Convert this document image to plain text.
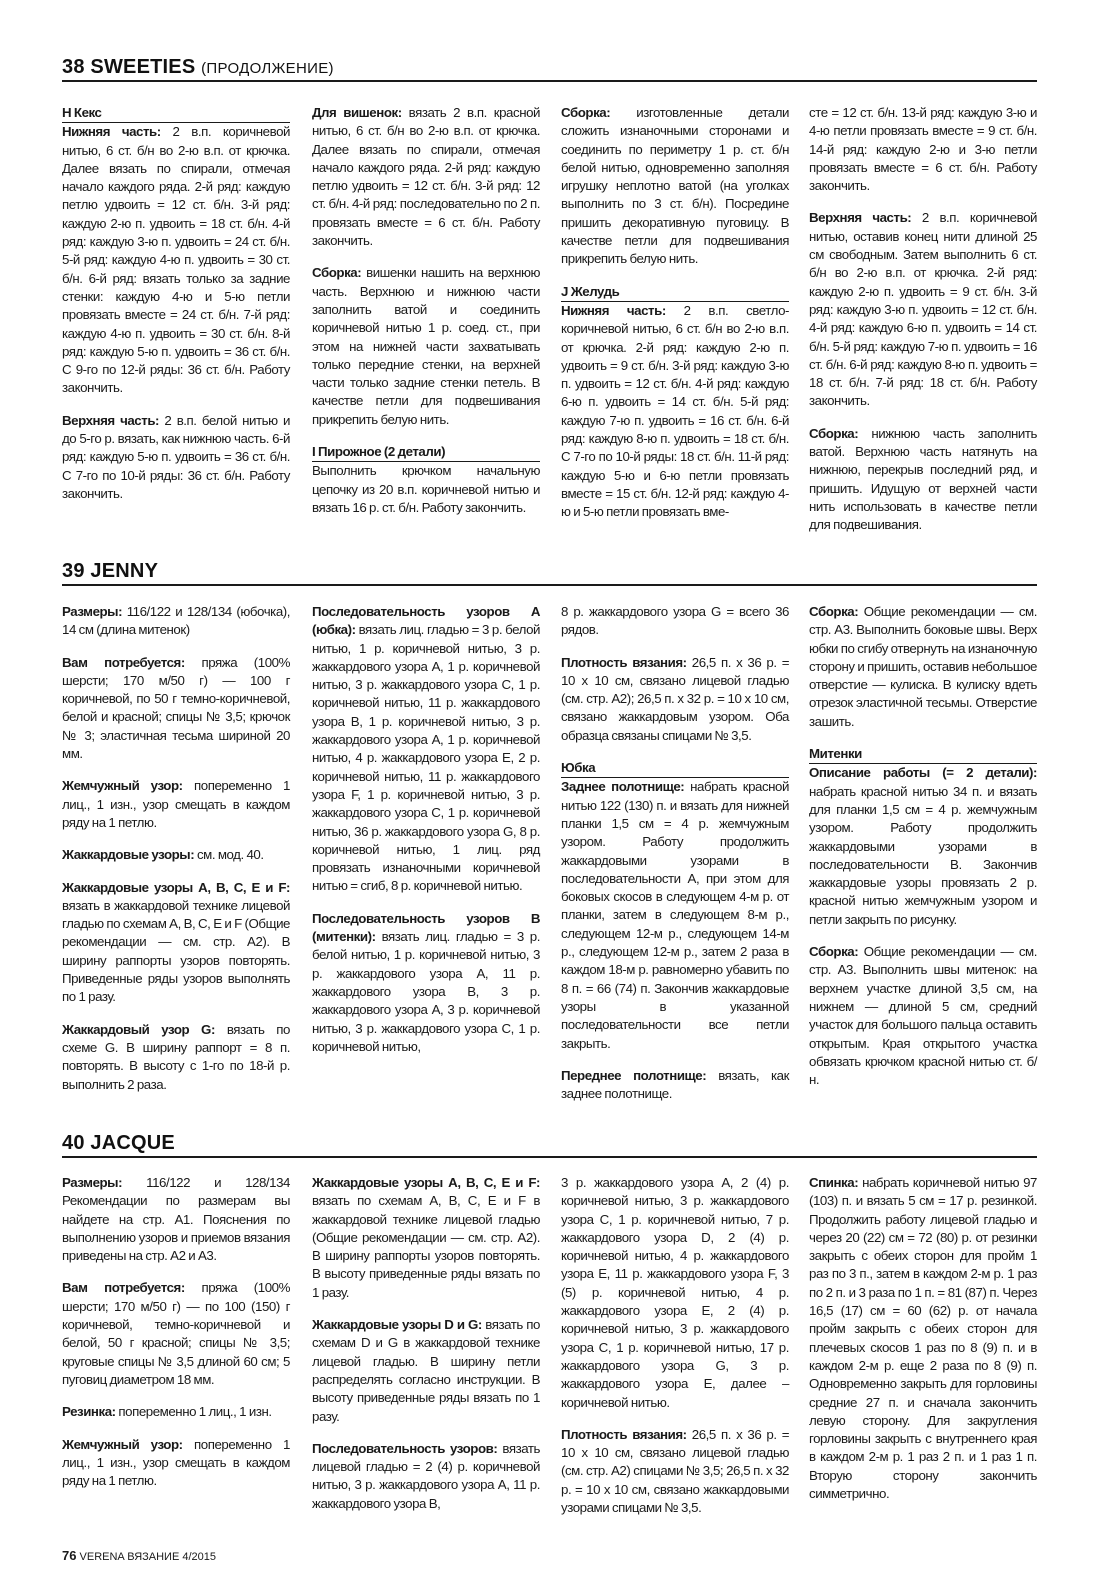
38 SWEETIES (ПРОДОЛЖЕНИЕ)
H Кекс

Нижняя часть: 2 в.п. коричневой нитью, 6 ст. б/н во 2-ю в.п. от крючка. Далее вязать по спирали, отмечая начало каждого ряда. 2-й ряд: каждую петлю удвоить = 12 ст. б/н. 3-й ряд: каждую 2-ю п. удвоить = 18 ст. б/н. 4-й ряд: каждую 3-ю п. удвоить = 24 ст. б/н. 5-й ряд: каждую 4-ю п. удвоить = 30 ст. б/н. 6-й ряд: вязать только за задние стенки: каждую 4-ю и 5-ю петли провязать вместе = 24 ст. б/н. 7-й ряд: каждую 4-ю п. удвоить = 30 ст. б/н. 8-й ряд: каждую 5-ю п. удвоить = 36 ст. б/н. С 9-го по 12-й ряды: 36 ст. б/н. Работу закончить.

Верхняя часть: 2 в.п. белой нитью и до 5-го р. вязать, как нижнюю часть. 6-й ряд: каждую 5-ю п. удвоить = 36 ст. б/н. С 7-го по 10-й ряды: 36 ст. б/н. Работу закончить.

Для вишенок: вязать 2 в.п. красной нитью, 6 ст. б/н во 2-ю в.п. от крючка. Далее вязать по спирали, отмечая начало каждого ряда. 2-й ряд: каждую петлю удвоить = 12 ст. б/н. 3-й ряд: 12 ст. б/н. 4-й ряд: последовательно по 2 п. провязать вместе = 6 ст. б/н. Работу закончить.

Сборка: вишенки нашить на верхнюю часть. Верхнюю и нижнюю части заполнить ватой и соединить коричневой нитью 1 р. соед. ст., при этом на нижней части захватывать только передние стенки, на верхней части только задние стенки петель. В качестве петли для подвешивания прикрепить белую нить.

I Пирожное (2 детали)

Выполнить крючком начальную цепочку из 20 в.п. коричневой нитью и вязать 16 р. ст. б/н. Работу закончить.

Сборка: изготовленные детали сложить изнаночными сторонами и соединить по периметру 1 р. ст. б/н белой нитью, одновременно заполняя игрушку неплотно ватой (на уголках выполнить по 3 ст. б/н). Посредине пришить декоративную пуговицу. В качестве петли для подвешивания прикрепить белую нить.

J Желудь

Нижняя часть: 2 в.п. светло-коричневой нитью, 6 ст. б/н во 2-ю в.п. от крючка. 2-й ряд: каждую 2-ю п. удвоить = 9 ст. б/н. 3-й ряд: каждую 3-ю п. удвоить = 12 ст. б/н. 4-й ряд: каждую 6-ю п. удвоить = 14 ст. б/н. 5-й ряд: каждую 7-ю п. удвоить = 16 ст. б/н. 6-й ряд: каждую 8-ю п. удвоить = 18 ст. б/н. С 7-го по 10-й ряды: 18 ст. б/н. 11-й ряд: каждую 5-ю и 6-ю петли провязать вместе = 15 ст. б/н. 12-й ряд: каждую 4-ю и 5-ю петли провязать вме-

сте = 12 ст. б/н. 13-й ряд: каждую 3-ю и 4-ю петли провязать вместе = 9 ст. б/н. 14-й ряд: каждую 2-ю и 3-ю петли провязать вместе = 6 ст. б/н. Работу закончить.

Верхняя часть: 2 в.п. коричневой нитью, оставив конец нити длиной 25 см свободным. Затем выполнить 6 ст. б/н во 2-ю в.п. от крючка. 2-й ряд: каждую 2-ю п. удвоить = 9 ст. б/н. 3-й ряд: каждую 3-ю п. удвоить = 12 ст. б/н. 4-й ряд: каждую 6-ю п. удвоить = 14 ст. б/н. 5-й ряд: каждую 7-ю п. удвоить = 16 ст. б/н. 6-й ряд: каждую 8-ю п. удвоить = 18 ст. б/н. 7-й ряд: 18 ст. б/н. Работу закончить.

Сборка: нижнюю часть заполнить ватой. Верхнюю часть натянуть на нижнюю, перекрыв последний ряд, и пришить. Идущую от верхней части нить использовать в качестве петли для подвешивания.

39 JENNY

Размеры: 116/122 и 128/134 (юбочка), 14 см (длина митенок)

Вам потребуется: пряжа (100% шерсти; 170 м/50 г) — 100 г коричневой, по 50 г темно-коричневой, белой и красной; спицы № 3,5; крючок № 3; эластичная тесьма шириной 20 мм.

Жемчужный узор: попеременно 1 лиц., 1 изн., узор смещать в каждом ряду на 1 петлю.

Жаккардовые узоры: см. мод. 40.

Жаккардовые узоры A, B, C, E и F: вязать в жаккардовой технике лицевой гладью по схемам A, B, C, E и F (Общие рекомендации — см. стр. A2). В ширину раппорты узоров повторять. Приведенные ряды узоров выполнять по 1 разу.

Жаккардовый узор G: вязать по схеме G. В ширину раппорт = 8 п. повторять. В высоту с 1-го по 18-й р. выполнить 2 раза.

Последовательность узоров A (юбка): вязать лиц. гладью = 3 р. белой нитью, 1 р. коричневой нитью, 3 р. жаккардового узора A, 1 р. коричневой нитью, 3 р. жаккардового узора C, 1 р. коричневой нитью, 11 р. жаккардового узора B, 1 р. коричневой нитью, 3 р. жаккардового узора A, 1 р. коричневой нитью, 4 р. жаккардового узора E, 2 р. коричневой нитью, 11 р. жаккардового узора F, 1 р. коричневой нитью, 3 р. жаккардового узора C, 1 р. коричневой нитью, 36 р. жаккардового узора G, 8 р. коричневой нитью, 1 лиц. ряд провязать изнаночными коричневой нитью = сгиб, 8 р. коричневой нитью.

Последовательность узоров B (митенки): вязать лиц. гладью = 3 р. белой нитью, 1 р. коричневой нитью, 3 р. жаккардового узора A, 11 р. жаккардового узора B, 3 р. жаккардового узора A, 3 р. коричневой нитью, 3 р. жаккардового узора C, 1 р. коричневой нитью,

8 р. жаккардового узора G = всего 36 рядов.

Плотность вязания: 26,5 п. x 36 р. = 10 x 10 см, связано лицевой гладью (см. стр. A2); 26,5 п. x 32 р. = 10 x 10 см, связано жаккардовым узором. Оба образца связаны спицами № 3,5.

Юбка

Заднее полотнище: набрать красной нитью 122 (130) п. и вязать для нижней планки 1,5 см = 4 р. жемчужным узором. Работу продолжить жаккардовыми узорами в последовательности A, при этом для боковых скосов в следующем 4-м р. от планки, затем в следующем 8-м р., следующем 12-м р., следующем 14-м р., следующем 12-м р., затем 2 раза в каждом 18-м р. равномерно убавить по 8 п. = 66 (74) п. Закончив жаккардовые узоры в указанной последовательности все петли закрыть.

Переднее полотнище: вязать, как заднее полотнище.

Сборка: Общие рекомендации — см. стр. A3. Выполнить боковые швы. Верх юбки по сгибу отвернуть на изнаночную сторону и пришить, оставив небольшое отверстие — кулиска. В кулиску вдеть отрезок эластичной тесьмы. Отверстие зашить.

Митенки

Описание работы (= 2 детали): набрать красной нитью 34 п. и вязать для планки 1,5 см = 4 р. жемчужным узором. Работу продолжить жаккардовыми узорами в последовательности B. Закончив жаккардовые узоры провязать 2 р. красной нитью жемчужным узором и петли закрыть по рисунку.

Сборка: Общие рекомендации — см. стр. A3. Выполнить швы митенок: на верхнем участке длиной 3,5 см, на нижнем — длиной 5 см, средний участок для большого пальца оставить открытым. Края открытого участка обвязать крючком красной нитью ст. б/н.

40 JACQUE

Размеры: 116/122 и 128/134 Рекомендации по размерам вы найдете на стр. A1. Пояснения по выполнению узоров и приемов вязания приведены на стр. A2 и A3.

Вам потребуется: пряжа (100% шерсти; 170 м/50 г) — по 100 (150) г коричневой, темно-коричневой и белой, 50 г красной; спицы № 3,5; круговые спицы № 3,5 длиной 60 см; 5 пуговиц диаметром 18 мм.

Резинка: попеременно 1 лиц., 1 изн.

Жемчужный узор: попеременно 1 лиц., 1 изн., узор смещать в каждом ряду на 1 петлю.

Жаккардовые узоры A, B, C, E и F: вязать по схемам A, B, C, E и F в жаккардовой технике лицевой гладью (Общие рекомендации — см. стр. A2). В ширину раппорты узоров повторять. В высоту приведенные ряды вязать по 1 разу.

Жаккардовые узоры D и G: вязать по схемам D и G в жаккардовой технике лицевой гладью. В ширину петли распределять согласно инструкции. В высоту приведенные ряды вязать по 1 разу.

Последовательность узоров: вязать лицевой гладью = 2 (4) р. коричневой нитью, 3 р. жаккардового узора A, 11 р. жаккардового узора B,

3 р. жаккардового узора A, 2 (4) р. коричневой нитью, 3 р. жаккардового узора C, 1 р. коричневой нитью, 7 р. жаккардового узора D, 2 (4) р. коричневой нитью, 4 р. жаккардового узора E, 11 р. жаккардового узора F, 3 (5) р. коричневой нитью, 4 р. жаккардового узора E, 2 (4) р. коричневой нитью, 3 р. жаккардового узора C, 1 р. коричневой нитью, 17 р. жаккардового узора G, 3 р. жаккардового узора E, далее – коричневой нитью.

Плотность вязания: 26,5 п. x 36 р. = 10 x 10 см, связано лицевой гладью (см. стр. A2) спицами № 3,5; 26,5 п. x 32 р. = 10 x 10 см, связано жаккардовыми узорами спицами № 3,5.

Спинка: набрать коричневой нитью 97 (103) п. и вязать 5 см = 17 р. резинкой. Продолжить работу лицевой гладью и через 20 (22) см = 72 (80) р. от резинки закрыть с обеих сторон для пройм 1 раз по 3 п., затем в каждом 2-м р. 1 раз по 2 п. и 3 раза по 1 п. = 81 (87) п. Через 16,5 (17) см = 60 (62) р. от начала пройм закрыть с обеих сторон для плечевых скосов 1 раз по 8 (9) п. и в каждом 2-м р. еще 2 раза по 8 (9) п. Одновременно закрыть для горловины средние 27 п. и сначала закончить левую сторону. Для закругления горловины закрыть с внутреннего края в каждом 2-м р. 1 раз 2 п. и 1 раз 1 п. Вторую сторону закончить симметрично.

76 VERENA ВЯЗАНИЕ 4/2015
